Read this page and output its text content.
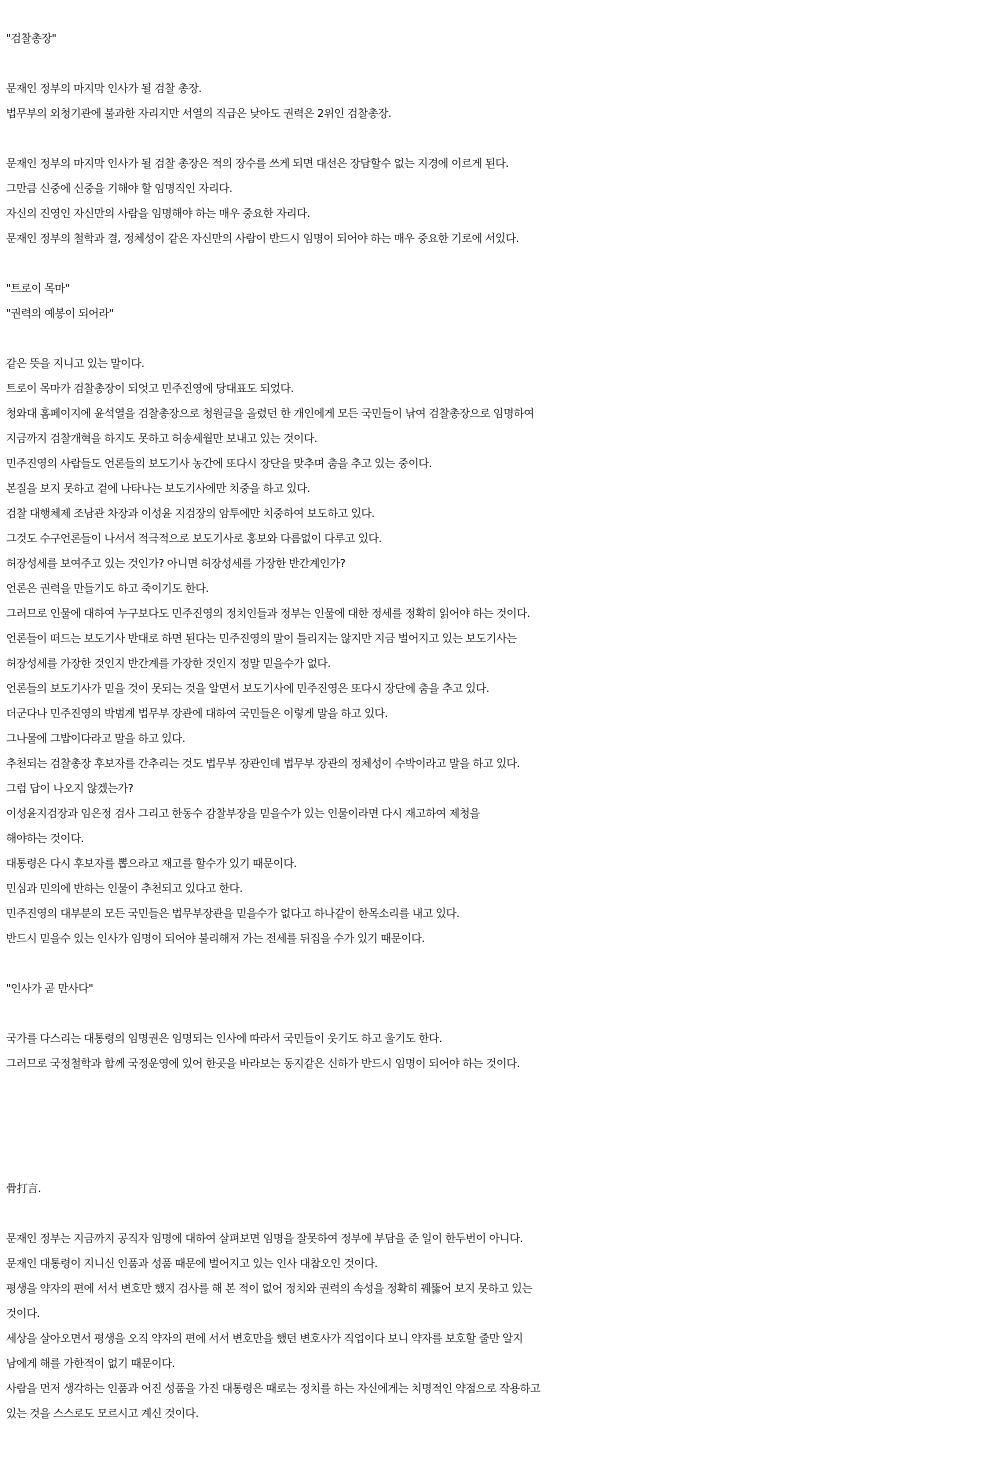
"검찰총장"
문재인 정부의 마지막 인사가 될 검찰 총장.
법무부의 외청기관에 불과한 자리지만 서열의 직급은 낮아도 권력은 2위인 검찰총장.
문재인 정부의 마지막 인사가 될 검찰 총장은 적의 장수를 쓰게 되면 대선은 장담할수 없는 지경에 이르게 된다.
그만큼 신중에 신중을 기해야 할 임명직인 자리다.
자신의 진영인 자신만의 사람을 임명해야 하는 매우 중요한 자리다.
문재인 정부의 철학과 결, 정체성이 같은 자신만의 사람이 반드시 임명이 되어야 하는 매우 중요한 기로에 서있다.
"트로이 목마"
"권력의 예봉이 되어라"
같은 뜻을 지니고 있는 말이다.
트로이 목마가 검찰총장이 되엇고 민주진영에 당대표도 되었다.
청와대 홈페이지에 윤석열을 검찰총장으로 청원글을 올렸던 한 개인에게 모든 국민들이 낚여 검찰총장으로 임명하여
지금까지 검찰개혁을 하지도 못하고 허송세월만 보내고 있는 것이다.
민주진영의 사람들도 언론들의 보도기사 농간에 또다시 장단을 맞추며 춤을 추고 있는 중이다.
본질을 보지 못하고 겉에 나타나는 보도기사에만 치중을 하고 있다.
검찰 대행체제 조남관 차장과 이성윤 지검장의 암투에만 치중하여 보도하고 있다.
그것도 수구언론들이 나서서 적극적으로 보도기사로 홍보와 다름없이 다루고 있다.
허장성세를 보여주고 있는 것인가? 아니면 허장성세를 가장한 반간계인가?
언론은 권력을 만들기도 하고 죽이기도 한다.
그러므로 인물에 대하여 누구보다도 민주진영의 정치인들과 정부는 인물에 대한 정세를 정확히 읽어야 하는 것이다.
언론들이 떠드는 보도기사 반대로 하면 된다는 민주진영의 말이 틀리지는 않지만 지금 벌어지고 있는 보도기사는
허장성세를 가장한 것인지 반간계를 가장한 것인지 정말 믿을수가 없다.
언론들의 보도기사가 믿을 것이 못되는 것을 알면서 보도기사에 민주진영은 또다시 장단에 춤을 추고 있다.
더군다나 민주진영의 박범계 법무부 장관에 대하여 국민들은 이렇게 말을 하고 있다.
그나물에 그밥이다라고 말을 하고 있다.
추천되는 검찰총장 후보자를 간추리는 것도 법무부 장관인데 법무부 장관의 정체성이 수박이라고 말을 하고 있다.
그럼 답이 나오지 않겠는가?
이성윤지검장과 임은정 검사 그리고 한동수 감찰부장을 믿을수가 있는 인물이라면 다시 재고하여 제청을
해야하는 것이다.
대통령은 다시 후보자를 뽑으라고 재고를 할수가 있기 때문이다.
민심과 민의에 반하는 인물이 추천되고 있다고 한다.
민주진영의 대부분의 모든 국민들은 법무부장관을 믿을수가 없다고 하나같이 한목소리를 내고 있다.
반드시 믿을수 있는 인사가 임명이 되어야 불리해저 가는 전세를 뒤집을 수가 있기 때문이다.
"인사가 곧 만사다"
국가를 다스리는 대통령의 임명권은 임명되는 인사에 따라서 국민들이 웃기도 하고 울기도 한다.
그러므로 국정철학과 함께 국정운영에 있어 한곳을 바라보는 동지같은 신하가 반드시 임명이 되어야 하는 것이다.
骨打言.
문재인 정부는 지금까지 공직자 임명에 대하여 살펴보면 임명을 잘못하여 정부에 부담을 준 일이 한두번이 아니다.
문재인 대통령이 지니신 인품과 성품 때문에 벌어지고 있는 인사 대참오인 것이다.
평생을 약자의 편에 서서 변호만 했지 검사를 해 본 적이 없어 정치와 권력의 속성을 정확히 꿰뚫어 보지 못하고 있는
것이다.
세상을 살아오면서 평생을 오직 약자의 편에 서서 변호만을 했던 변호사가 직업이다 보니 약자를 보호할 줄만 알지
남에게 해를 가한적이 없기 때문이다.
사람을 먼저 생각하는 인품과 어진 성품을 가진 대통령은 때로는 정치를 하는 자신에게는 치명적인 약점으로 작용하고
있는 것을 스스로도 모르시고 계신 것이다.
